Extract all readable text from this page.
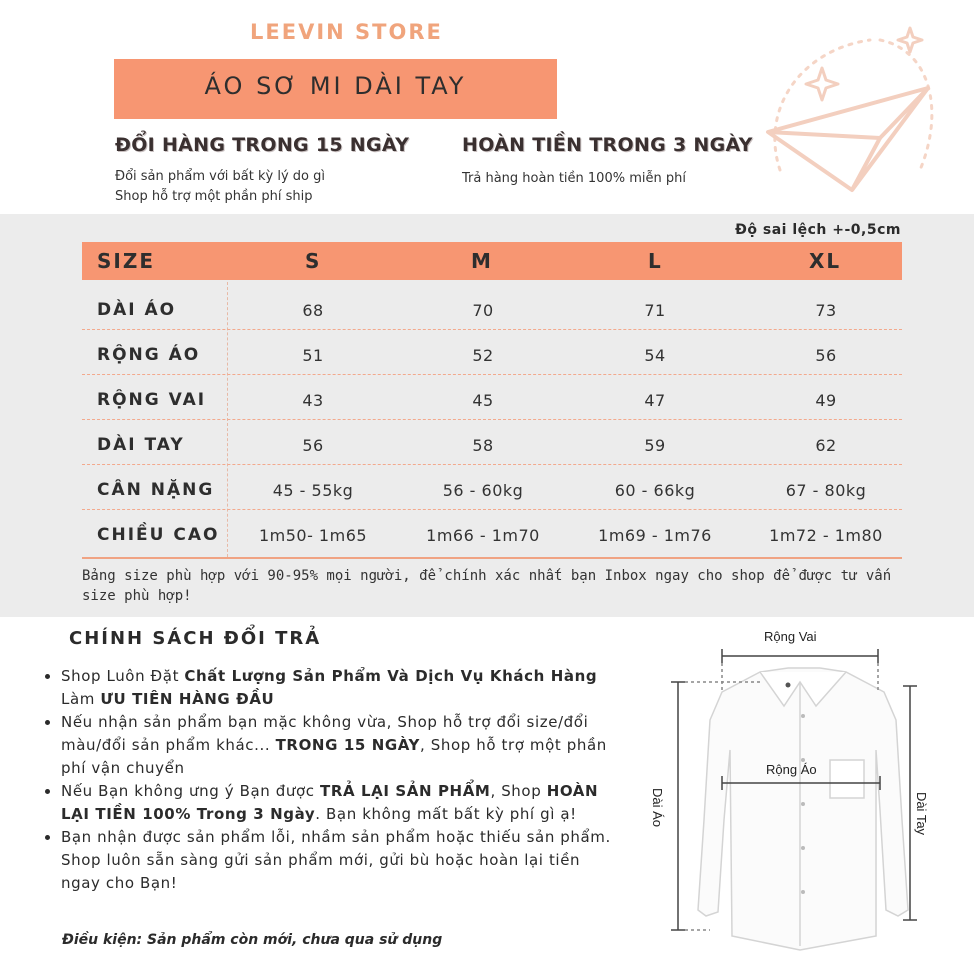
LEEVIN STORE
ÁO SƠ MI DÀI TAY
ĐỔI HÀNG TRONG 15 NGÀY
Đổi sản phẩm với bất kỳ lý do gì
Shop hỗ trợ một phần phí ship
HOÀN TIỀN TRONG 3 NGÀY
Trả hàng hoàn tiền 100% miễn phí
Độ sai lệch +-0,5cm
SIZE	S	M	L	XL
DÀI ÁO	68	70	71	73
RỘNG ÁO	51	52	54	56
RỘNG VAI	43	45	47	49
DÀI TAY	56	58	59	62
CÂN NẶNG	45 - 55kg	56 - 60kg	60 - 66kg	67 - 80kg
CHIỀU CAO	1m50- 1m65	1m66 - 1m70	1m69 - 1m76	1m72 - 1m80
Bảng size phù hợp với 90-95% mọi người, để chính xác nhất bạn Inbox ngay cho shop để được tư vấn size phù hợp!
CHÍNH SÁCH ĐỔI TRẢ
• Shop Luôn Đặt Chất Lượng Sản Phẩm Và Dịch Vụ Khách Hàng Làm ƯU TIÊN HÀNG ĐẦU
• Nếu nhận sản phẩm bạn mặc không vừa, Shop hỗ trợ đổi size/đổi màu/đổi sản phẩm khác... TRONG 15 NGÀY, Shop hỗ trợ một phần phí vận chuyển
• Nếu Bạn không ưng ý Bạn được TRẢ LẠI SẢN PHẨM, Shop HOÀN LẠI TIỀN 100% Trong 3 Ngày. Bạn không mất bất kỳ phí gì ạ!
• Bạn nhận được sản phẩm lỗi, nhầm sản phẩm hoặc thiếu sản phẩm. Shop luôn sẵn sàng gửi sản phẩm mới, gửi bù hoặc hoàn lại tiền ngay cho Bạn!
Điều kiện: Sản phẩm còn mới, chưa qua sử dụng
Rộng Vai
Rộng Áo
Dài Áo	Dài Tay
